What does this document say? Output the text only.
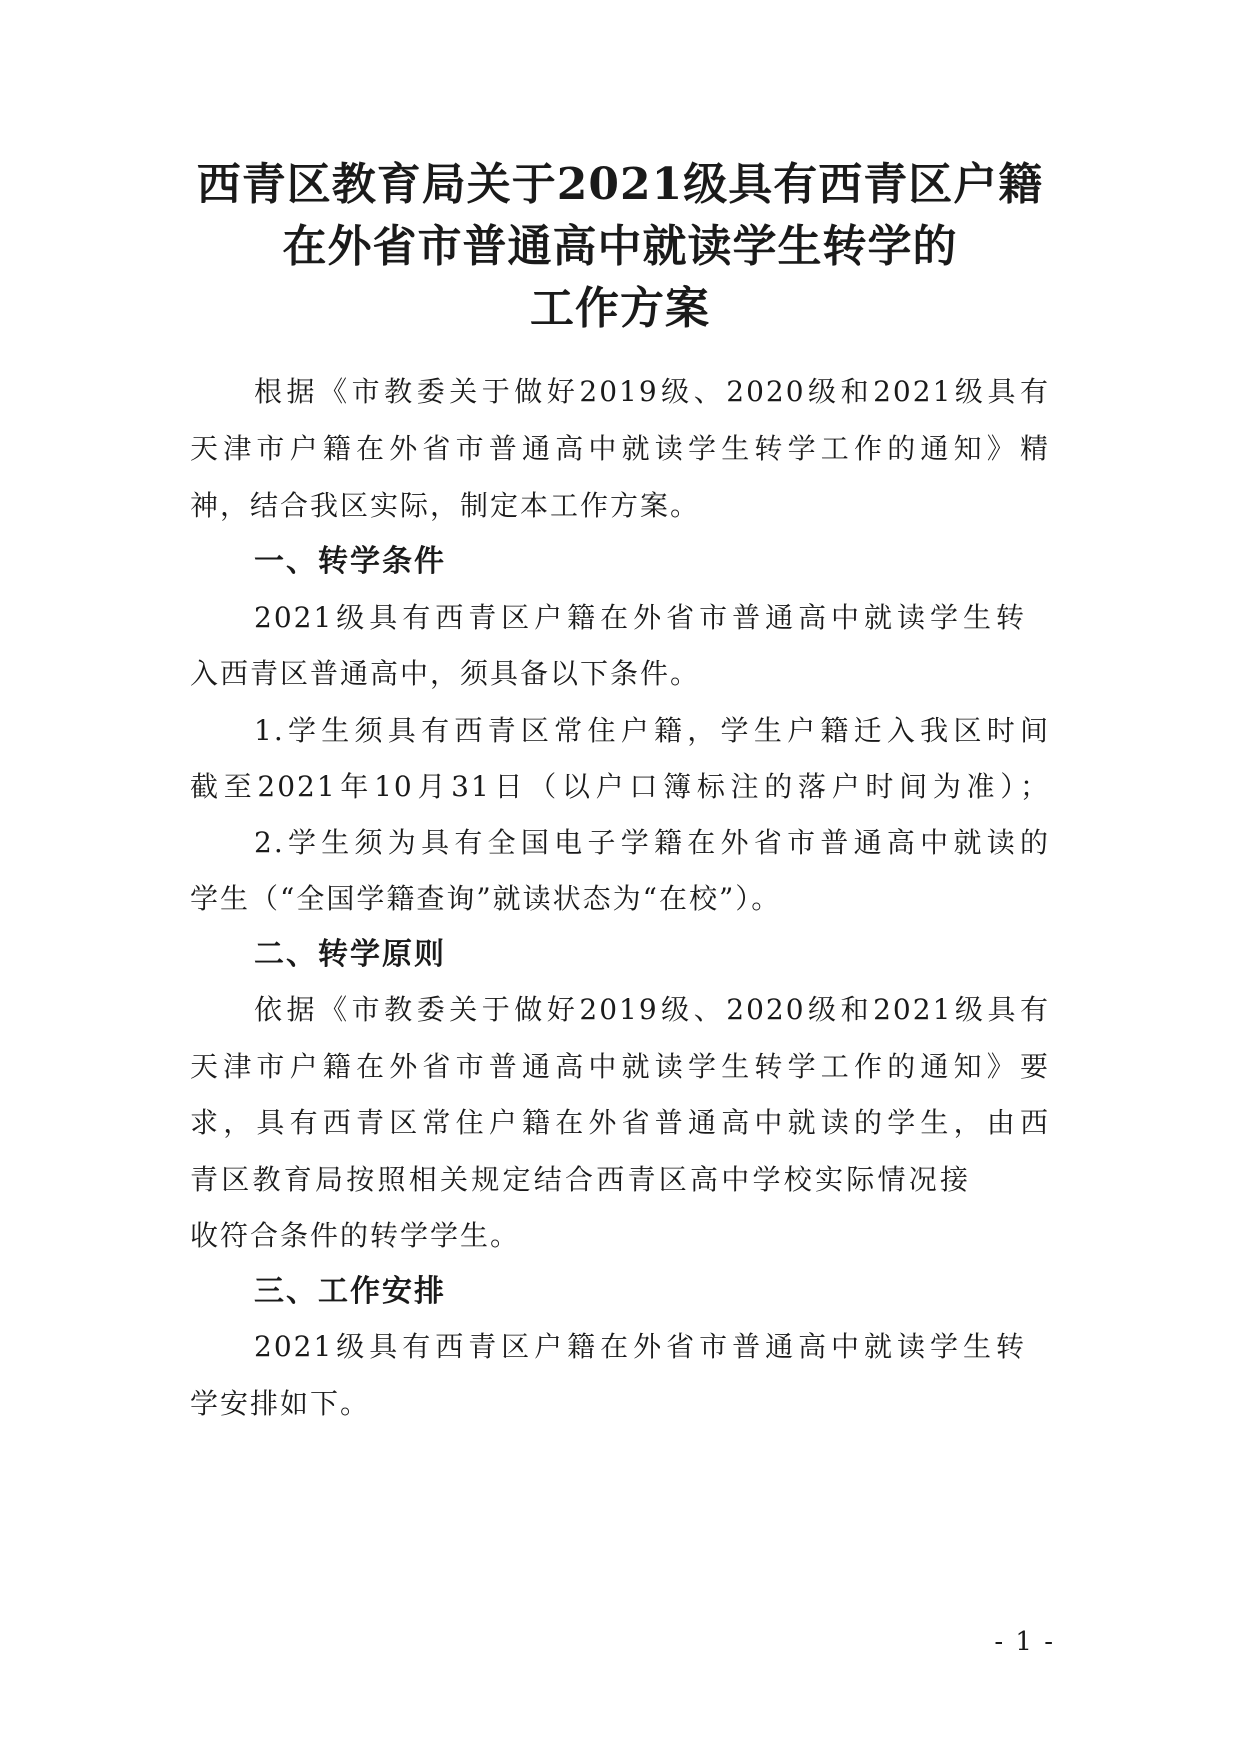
西青区教育局关于2021级具有西青区户籍
在外省市普通高中就读学生转学的
工作方案
根据《市教委关于做好2019级、2020级和2021级具有
天津市户籍在外省市普通高中就读学生转学工作的通知》精
神，结合我区实际，制定本工作方案。
一、转学条件
2021级具有西青区户籍在外省市普通高中就读学生转
入西青区普通高中，须具备以下条件。
1.学生须具有西青区常住户籍，学生户籍迁入我区时间
截至2021年10月31日（以户口簿标注的落户时间为准）；
2.学生须为具有全国电子学籍在外省市普通高中就读的
学生（“全国学籍查询”就读状态为“在校”）。
二、转学原则
依据《市教委关于做好2019级、2020级和2021级具有
天津市户籍在外省市普通高中就读学生转学工作的通知》要
求，具有西青区常住户籍在外省普通高中就读的学生，由西
青区教育局按照相关规定结合西青区高中学校实际情况接
收符合条件的转学学生。
三、工作安排
2021级具有西青区户籍在外省市普通高中就读学生转
学安排如下。
- 1 -
